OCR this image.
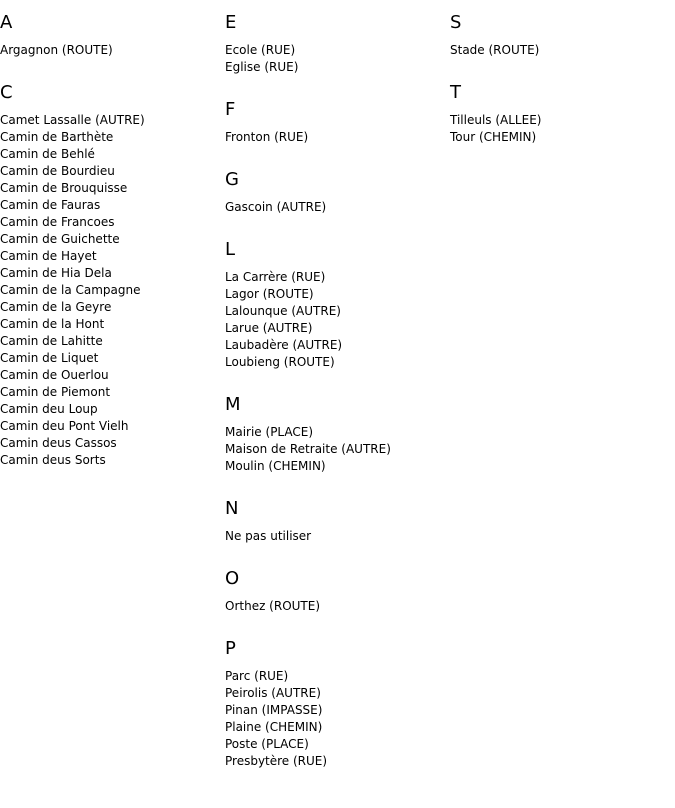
A
Argagnon (ROUTE)
C
Camet Lassalle (AUTRE)
Camin de Barthète
Camin de Behlé
Camin de Bourdieu
Camin de Brouquisse
Camin de Fauras
Camin de Francoes
Camin de Guichette
Camin de Hayet
Camin de Hia Dela
Camin de la Campagne
Camin de la Geyre
Camin de la Hont
Camin de Lahitte
Camin de Liquet
Camin de Ouerlou
Camin de Piemont
Camin deu Loup
Camin deu Pont Vielh
Camin deus Cassos
Camin deus Sorts
E
Ecole (RUE)
Eglise (RUE)
F
Fronton (RUE)
G
Gascoin (AUTRE)
L
La Carrère (RUE)
Lagor (ROUTE)
Lalounque (AUTRE)
Larue (AUTRE)
Laubadère (AUTRE)
Loubieng (ROUTE)
M
Mairie (PLACE)
Maison de Retraite (AUTRE)
Moulin (CHEMIN)
N
Ne pas utiliser
O
Orthez (ROUTE)
P
Parc (RUE)
Peirolis (AUTRE)
Pinan (IMPASSE)
Plaine (CHEMIN)
Poste (PLACE)
Presbytère (RUE)
S
Stade (ROUTE)
T
Tilleuls (ALLEE)
Tour (CHEMIN)
